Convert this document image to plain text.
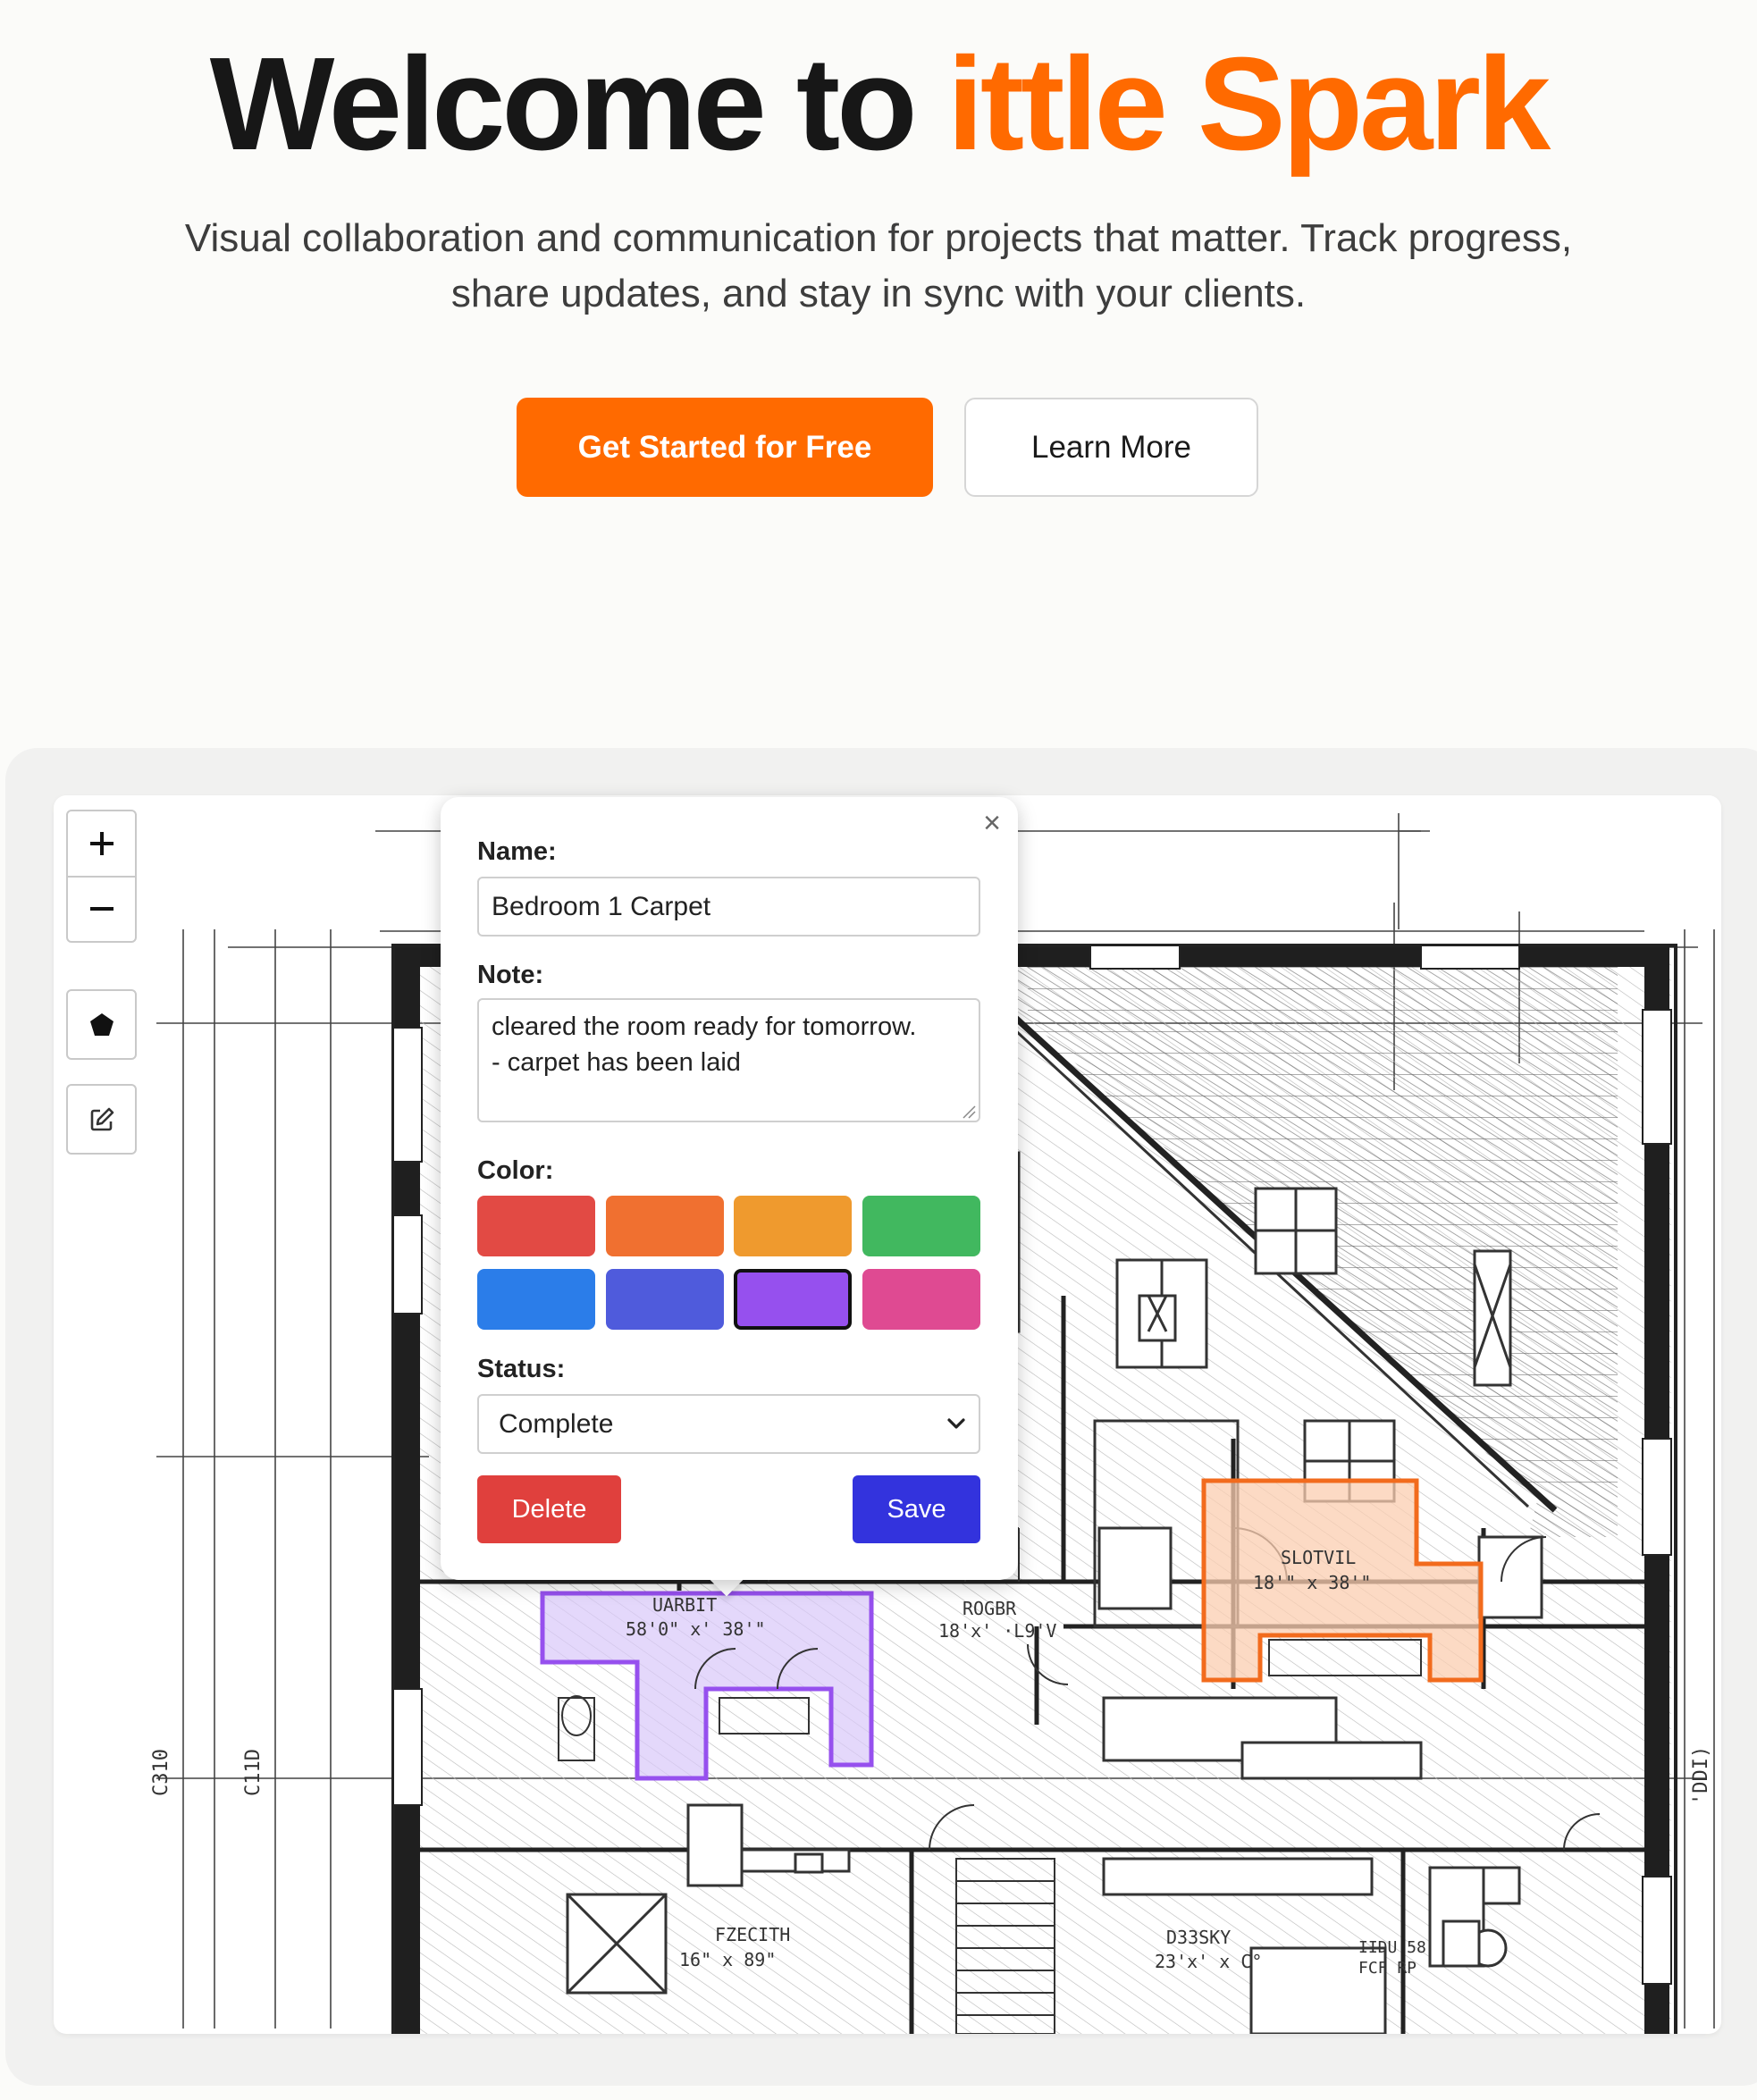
Welcome to ittle Spark

Visual collaboration and communication for projects that matter. Track progress, share updates, and stay in sync with your clients.

Get Started for Free	Learn More
UARBIT
58'0" x' 38'"
ROGBR
18'x' ·L9'V
SLOTVIL
18'" x 38'"
FZECITH
16" x 89"
D33SKY
23'x' x C°
IIDU 58
FCF RP
C310	C11D	'DDI)
×
Name:
Bedroom 1 Carpet
Note:
cleared the room ready for tomorrow. - carpet has been laid
Color:
Status:
Complete
Delete	Save
